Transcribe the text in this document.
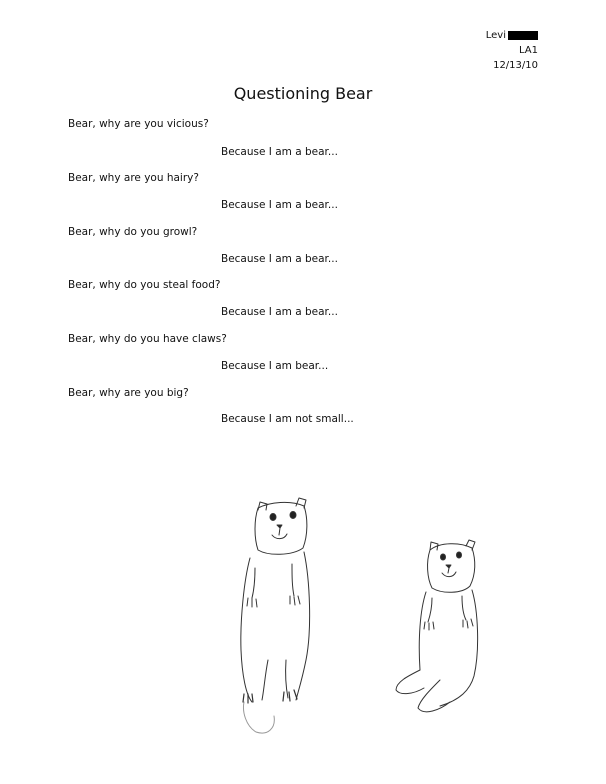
Levi
LA1
12/13/10
Questioning Bear
Bear, why are you vicious?
Because I am a bear...
Bear, why are you hairy?
Because I am a bear...
Bear, why do you growl?
Because I am a bear...
Bear, why do you steal food?
Because I am a bear...
Bear, why do you have claws?
Because I am bear...
Bear, why are you big?
Because I am not small...
